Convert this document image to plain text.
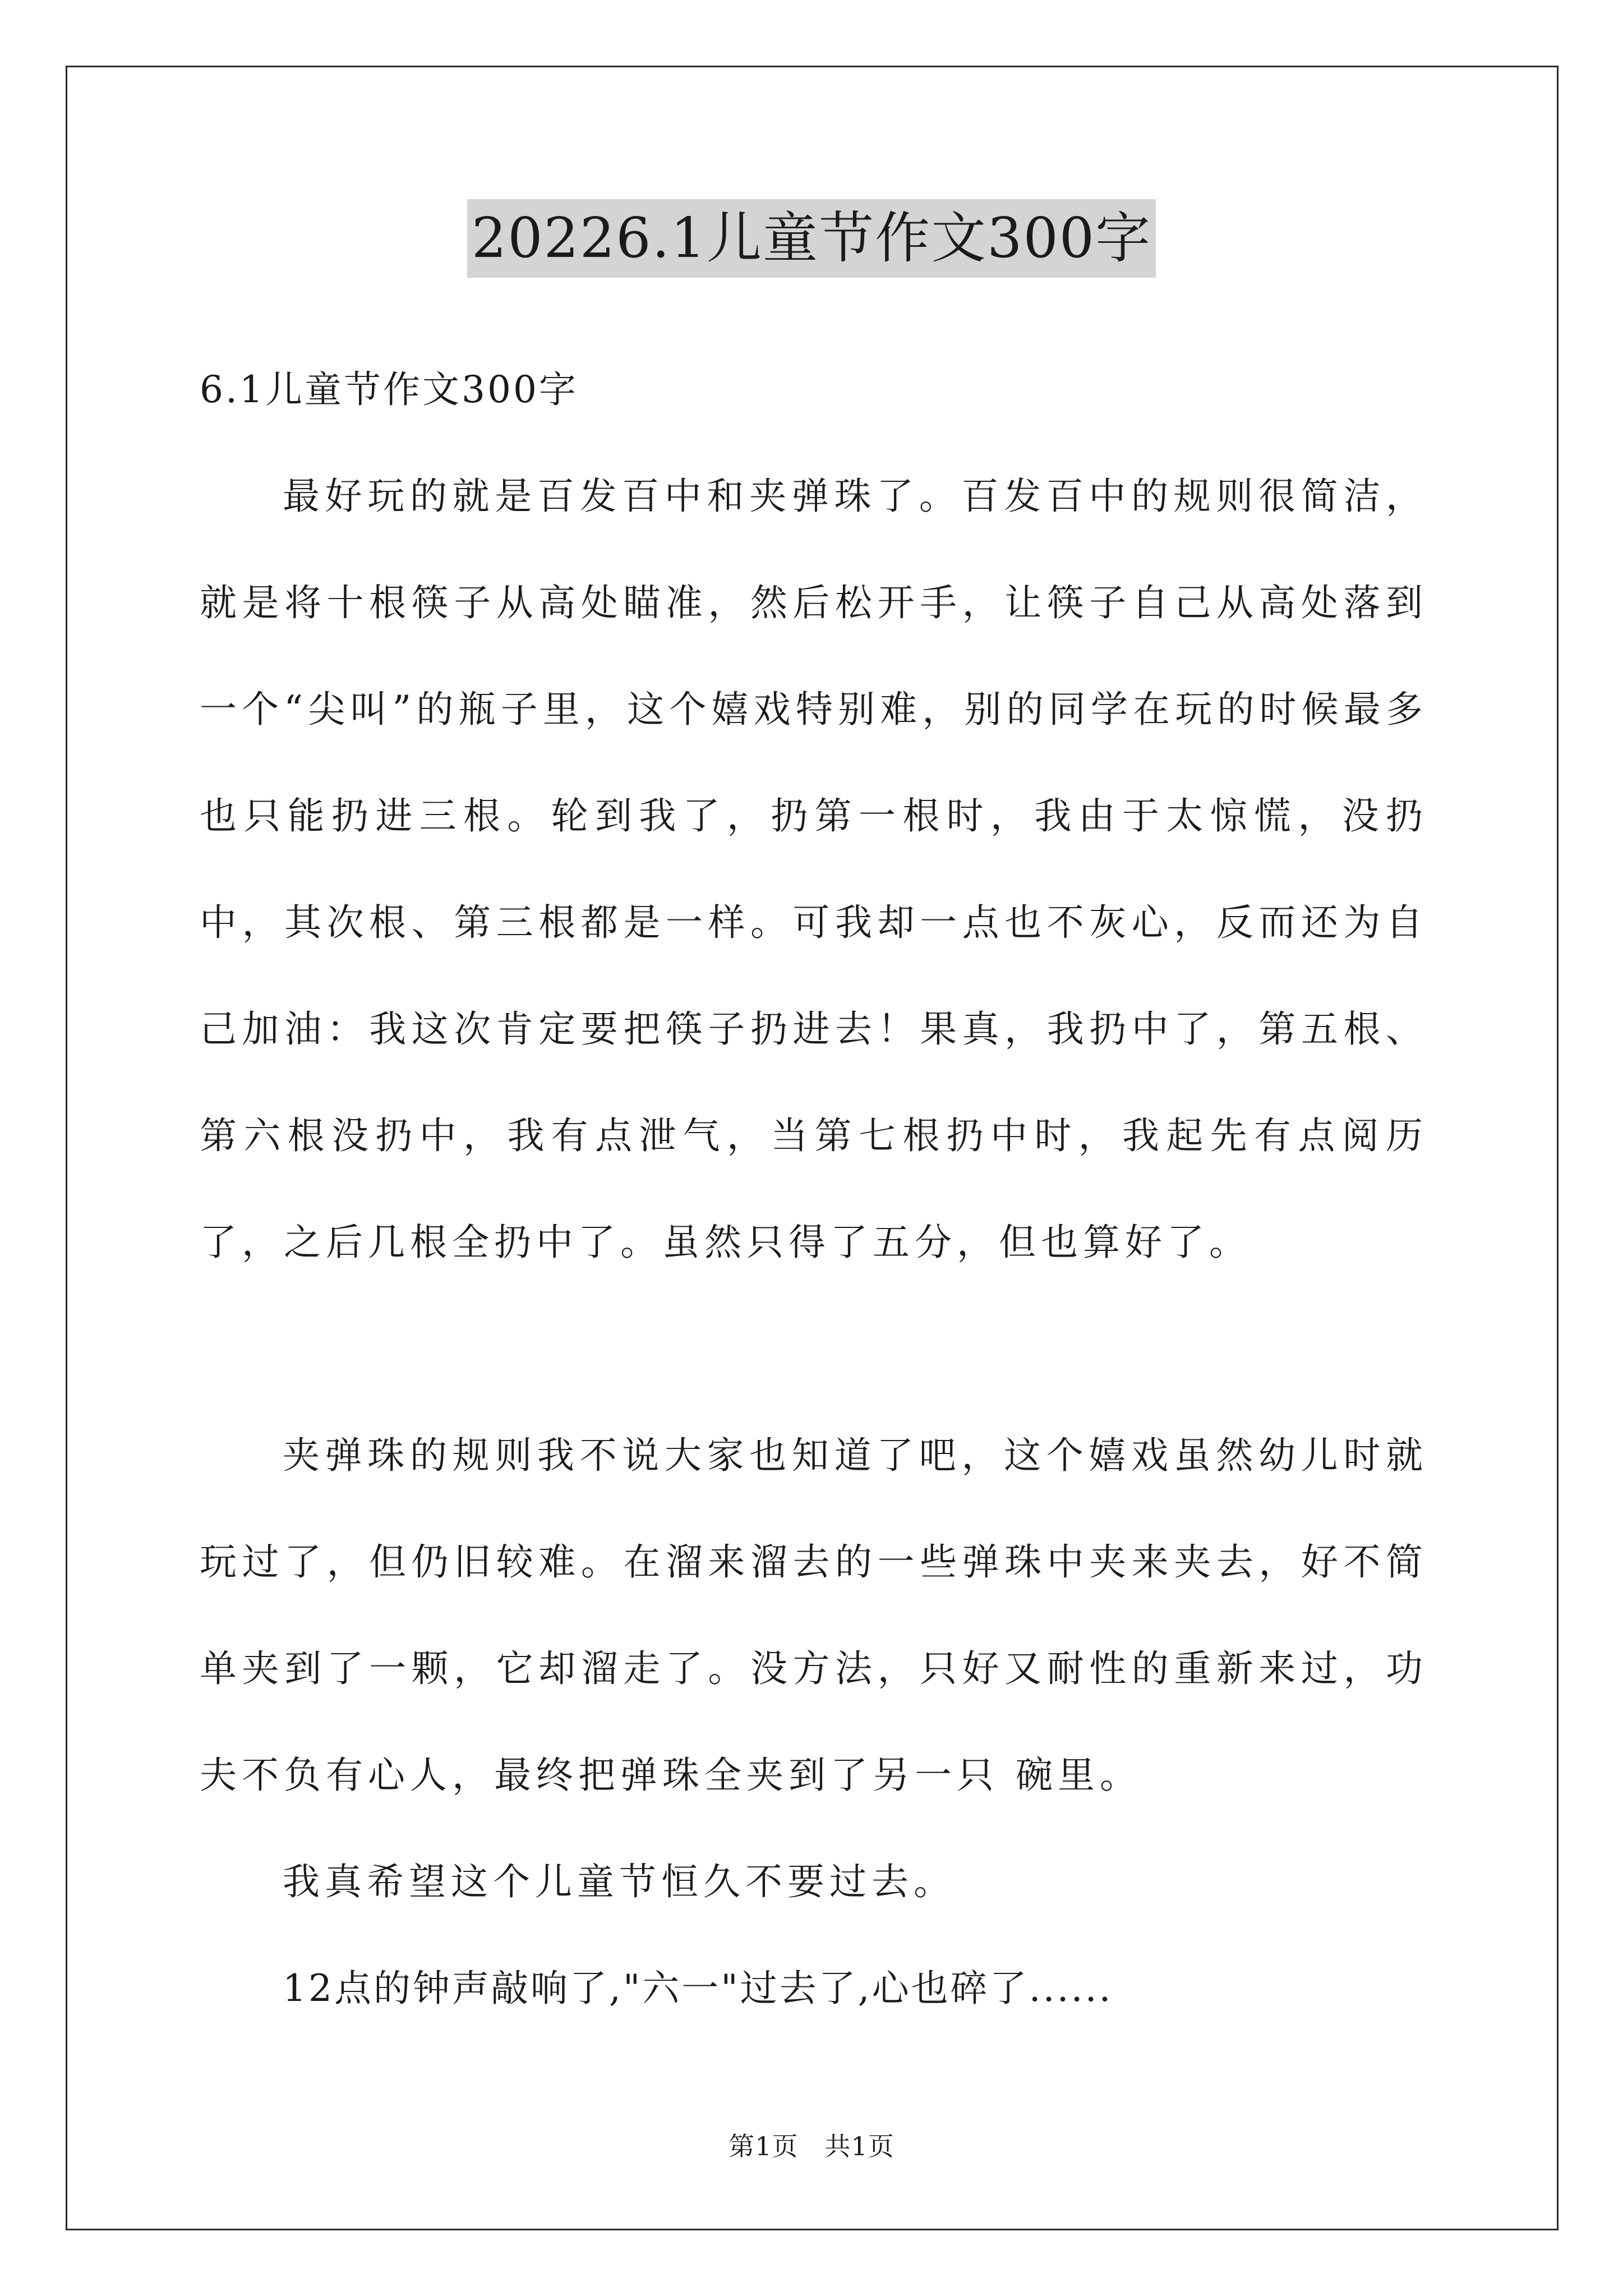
20226.1儿童节作文300字

6.1儿童节作文300字

最好玩的就是百发百中和夹弹珠了。百发百中的规则很简洁，就是将十根筷子从高处瞄准，然后松开手，让筷子自己从高处落到一个“尖叫”的瓶子里，这个嬉戏特别难，别的同学在玩的时候最多也只能扔进三根。轮到我了，扔第一根时，我由于太惊慌，没扔中，其次根、第三根都是一样。可我却一点也不灰心，反而还为自己加油：我这次肯定要把筷子扔进去！果真，我扔中了，第五根、第六根没扔中，我有点泄气，当第七根扔中时，我起先有点阅历了，之后几根全扔中了。虽然只得了五分，但也算好了。

夹弹珠的规则我不说大家也知道了吧，这个嬉戏虽然幼儿时就玩过了，但仍旧较难。在溜来溜去的一些弹珠中夹来夹去，好不简单夹到了一颗，它却溜走了。没方法，只好又耐性的重新来过，功夫不负有心人，最终把弹珠全夹到了另一只 碗里。

我真希望这个儿童节恒久不要过去。

12点的钟声敲响了,"六一"过去了,心也碎了......

第1页　共1页
